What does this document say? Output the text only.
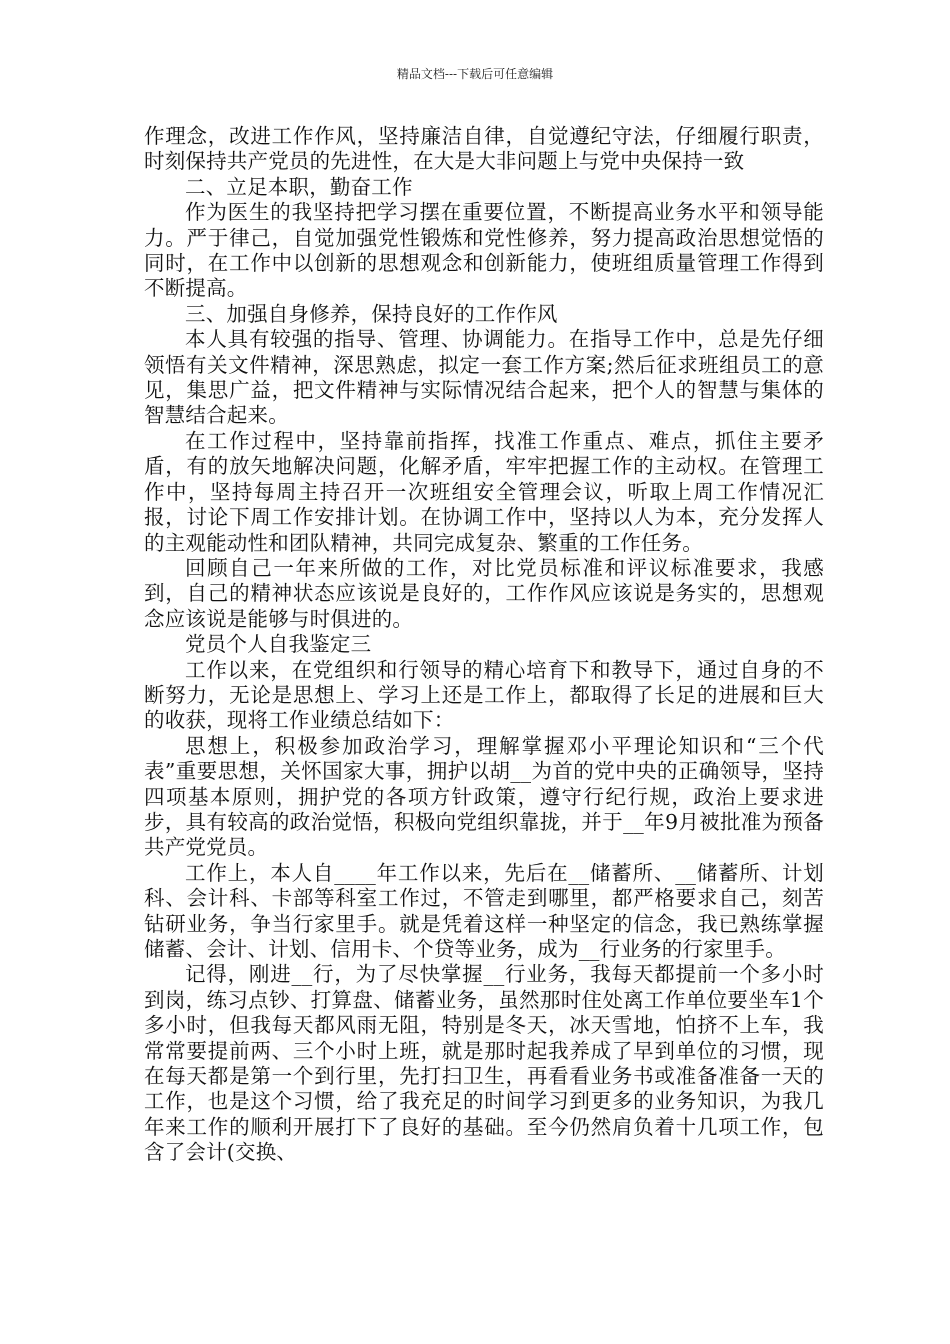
精品文档---下载后可任意编辑

作理念，改进工作作风，坚持廉洁自律，自觉遵纪守法，仔细履行职责，时刻保持共产党员的先进性，在大是大非问题上与党中央保持一致

二、立足本职，勤奋工作

作为医生的我坚持把学习摆在重要位置，不断提高业务水平和领导能力。严于律己，自觉加强党性锻炼和党性修养，努力提高政治思想觉悟的同时，在工作中以创新的思想观念和创新能力，使班组质量管理工作得到不断提高。

三、加强自身修养，保持良好的工作作风

本人具有较强的指导、管理、协调能力。在指导工作中，总是先仔细领悟有关文件精神，深思熟虑，拟定一套工作方案;然后征求班组员工的意见，集思广益，把文件精神与实际情况结合起来，把个人的智慧与集体的智慧结合起来。

在工作过程中，坚持靠前指挥，找准工作重点、难点，抓住主要矛盾，有的放矢地解决问题，化解矛盾，牢牢把握工作的主动权。在管理工作中，坚持每周主持召开一次班组安全管理会议，听取上周工作情况汇报，讨论下周工作安排计划。在协调工作中，坚持以人为本，充分发挥人的主观能动性和团队精神，共同完成复杂、繁重的工作任务。

回顾自己一年来所做的工作，对比党员标准和评议标准要求，我感到，自己的精神状态应该说是良好的，工作作风应该说是务实的，思想观念应该说是能够与时俱进的。

党员个人自我鉴定三

工作以来，在党组织和行领导的精心培育下和教导下，通过自身的不断努力，无论是思想上、学习上还是工作上，都取得了长足的进展和巨大的收获，现将工作业绩总结如下：

思想上，积极参加政治学习，理解掌握邓小平理论知识和“三个代表”重要思想，关怀国家大事，拥护以胡__为首的党中央的正确领导，坚持四项基本原则，拥护党的各项方针政策，遵守行纪行规，政治上要求进步，具有较高的政治觉悟，积极向党组织靠拢，并于__年9月被批准为预备共产党党员。

工作上，本人自____年工作以来，先后在__储蓄所、__储蓄所、计划科、会计科、卡部等科室工作过，不管走到哪里，都严格要求自己，刻苦钻研业务，争当行家里手。就是凭着这样一种坚定的信念，我已熟练掌握储蓄、会计、计划、信用卡、个贷等业务，成为__行业务的行家里手。

记得，刚进__行，为了尽快掌握__行业务，我每天都提前一个多小时到岗，练习点钞、打算盘、储蓄业务，虽然那时住处离工作单位要坐车1个多小时，但我每天都风雨无阻，特别是冬天，冰天雪地，怕挤不上车，我常常要提前两、三个小时上班，就是那时起我养成了早到单位的习惯，现在每天都是第一个到行里，先打扫卫生，再看看业务书或准备准备一天的工作，也是这个习惯，给了我充足的时间学习到更多的业务知识，为我几年来工作的顺利开展打下了良好的基础。至今仍然肩负着十几项工作，包含了会计(交换、
